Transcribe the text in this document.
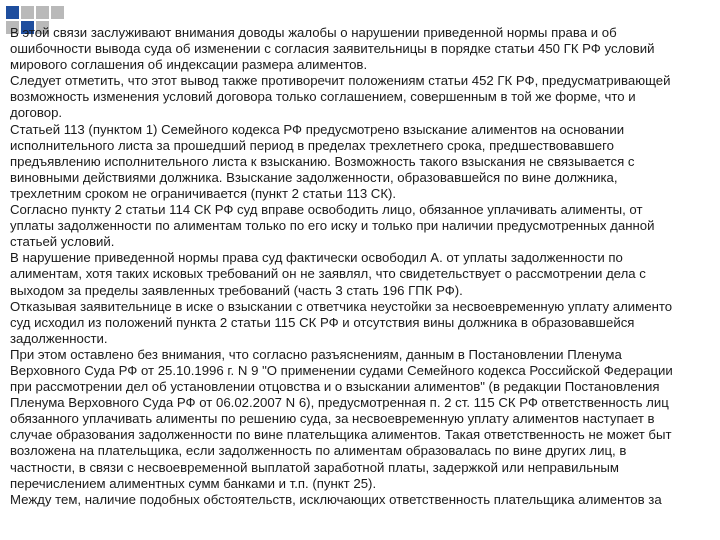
В этой связи заслуживают внимания доводы жалобы о нарушении приведенной нормы права и об
ошибочности вывода суда об изменении с согласия заявительницы в порядке статьи 450 ГК РФ условий
мирового соглашения об индексации размера алиментов.
Следует отметить, что этот вывод также противоречит положениям статьи 452 ГК РФ, предусматривающей
возможность изменения условий договора только соглашением, совершенным в той же форме, что и
договор.
Статьей 113 (пунктом 1) Семейного кодекса РФ предусмотрено взыскание алиментов на основании
исполнительного листа за прошедший период в пределах трехлетнего срока, предшествовавшего
предъявлению исполнительного листа к взысканию. Возможность такого взыскания не связывается с
виновными действиями должника. Взыскание задолженности, образовавшейся по вине должника,
трехлетним сроком не ограничивается (пункт 2 статьи 113 СК).
Согласно пункту 2 статьи 114 СК РФ суд вправе освободить лицо, обязанное уплачивать алименты, от
уплаты задолженности по алиментам только по его иску и только при наличии предусмотренных данной
статьей условий.
В нарушение приведенной нормы права суд фактически освободил А. от уплаты задолженности по
алиментам, хотя таких исковых требований он не заявлял, что свидетельствует о рассмотрении дела с
выходом за пределы заявленных требований (часть 3 стать 196 ГПК РФ).
Отказывая заявительнице в иске о взыскании с ответчика неустойки за несвоевременную уплату алименто
суд исходил из положений пункта 2 статьи 115 СК РФ и отсутствия вины должника в образовавшейся
задолженности.
При этом оставлено без внимания, что согласно разъяснениям, данным в Постановлении Пленума
Верховного Суда РФ от 25.10.1996 г. N 9 "О применении судами Семейного кодекса Российской Федерации
при рассмотрении дел об установлении отцовства и о взыскании алиментов" (в редакции Постановления
Пленума Верховного Суда РФ от 06.02.2007 N 6), предусмотренная п. 2 ст. 115 СК РФ ответственность лиц
обязанного уплачивать алименты по решению суда, за несвоевременную уплату алиментов наступает в
случае образования задолженности по вине плательщика алиментов. Такая ответственность не может быт
возложена на плательщика, если задолженность по алиментам образовалась по вине других лиц, в
частности, в связи с несвоевременной выплатой заработной платы, задержкой или неправильным
перечислением алиментных сумм банками и т.п. (пункт 25).
Между тем, наличие подобных обстоятельств, исключающих ответственность плательщика алиментов за
